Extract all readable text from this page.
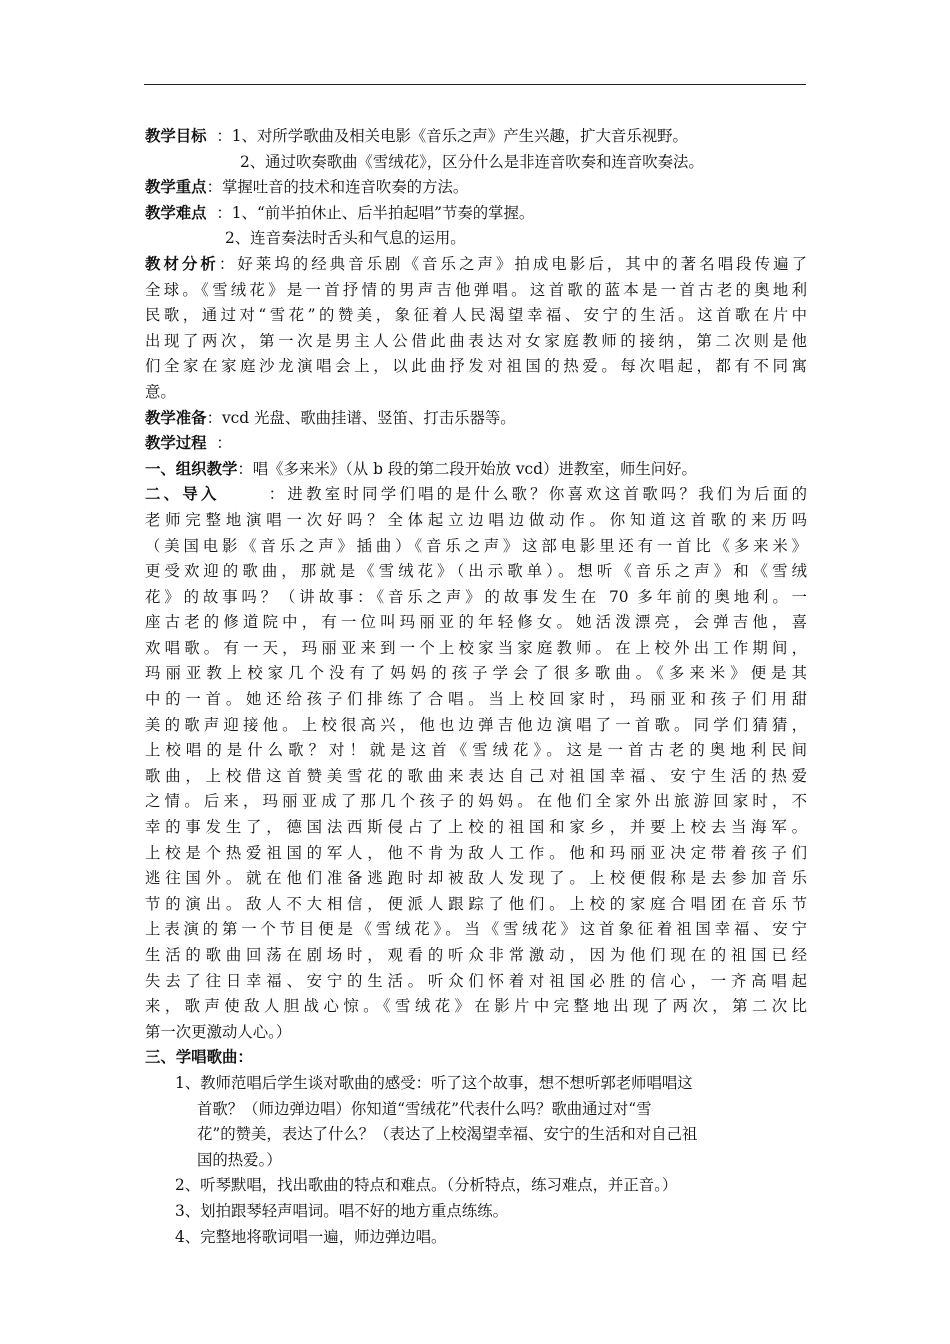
教学目标  ：1、对所学歌曲及相关电影《音乐之声》产生兴趣，扩大音乐视野。
2、通过吹奏歌曲《雪绒花》，区分什么是非连音吹奏和连音吹奏法。
教学重点：掌握吐音的技术和连音吹奏的方法。
教学难点  ：1、“前半拍休止、后半拍起唱”节奏的掌握。
2、连音奏法时舌头和气息的运用。
教材分析：好莱坞的经典音乐剧《音乐之声》拍成电影后，其中的著名唱段传遍了
全球。《雪绒花》是一首抒情的男声吉他弹唱。这首歌的蓝本是一首古老的奥地利
民歌，通过对“雪花”的赞美，象征着人民渴望幸福、安宁的生活。这首歌在片中
出现了两次，第一次是男主人公借此曲表达对女家庭教师的接纳，第二次则是他
们全家在家庭沙龙演唱会上，以此曲抒发对祖国的热爱。每次唱起，都有不同寓
意。
教学准备：vcd 光盘、歌曲挂谱、竖笛、打击乐器等。
教学过程  ：
一、组织教学：唱《多来米》（从 b 段的第二段开始放 vcd）进教室，师生问好。
二、导入      ：进教室时同学们唱的是什么歌？你喜欢这首歌吗？我们为后面的
老师完整地演唱一次好吗？全体起立边唱边做动作。你知道这首歌的来历吗
（美国电影《音乐之声》插曲）《音乐之声》这部电影里还有一首比《多来米》
更受欢迎的歌曲，那就是《雪绒花》（出示歌单）。想听《音乐之声》和《雪绒
花》的故事吗？（讲故事：《音乐之声》的故事发生在 70 多年前的奥地利。一
座古老的修道院中，有一位叫玛丽亚的年轻修女。她活泼漂亮，会弹吉他，喜
欢唱歌。有一天，玛丽亚来到一个上校家当家庭教师。在上校外出工作期间，
玛丽亚教上校家几个没有了妈妈的孩子学会了很多歌曲。《多来米》便是其
中的一首。她还给孩子们排练了合唱。当上校回家时，玛丽亚和孩子们用甜
美的歌声迎接他。上校很高兴，他也边弹吉他边演唱了一首歌。同学们猜猜，
上校唱的是什么歌？对！就是这首《雪绒花》。这是一首古老的奥地利民间
歌曲，上校借这首赞美雪花的歌曲来表达自己对祖国幸福、安宁生活的热爱
之情。后来，玛丽亚成了那几个孩子的妈妈。在他们全家外出旅游回家时，不
幸的事发生了，德国法西斯侵占了上校的祖国和家乡，并要上校去当海军。
上校是个热爱祖国的军人，他不肯为敌人工作。他和玛丽亚决定带着孩子们
逃往国外。就在他们准备逃跑时却被敌人发现了。上校便假称是去参加音乐
节的演出。敌人不大相信，便派人跟踪了他们。上校的家庭合唱团在音乐节
上表演的第一个节目便是《雪绒花》。当《雪绒花》这首象征着祖国幸福、安宁
生活的歌曲回荡在剧场时，观看的听众非常激动，因为他们现在的祖国已经
失去了往日幸福、安宁的生活。听众们怀着对祖国必胜的信心，一齐高唱起
来，歌声使敌人胆战心惊。《雪绒花》在影片中完整地出现了两次，第二次比
第一次更激动人心。）
三、学唱歌曲：
1、教师范唱后学生谈对歌曲的感受：听了这个故事，想不想听郭老师唱唱这
首歌？（师边弹边唱）你知道“雪绒花”代表什么吗？歌曲通过对“雪
花”的赞美，表达了什么？（表达了上校渴望幸福、安宁的生活和对自己祖
国的热爱。）
2、听琴默唱，找出歌曲的特点和难点。（分析特点，练习难点，并正音。）
3、划拍跟琴轻声唱词。唱不好的地方重点练练。
4、完整地将歌词唱一遍，师边弹边唱。
